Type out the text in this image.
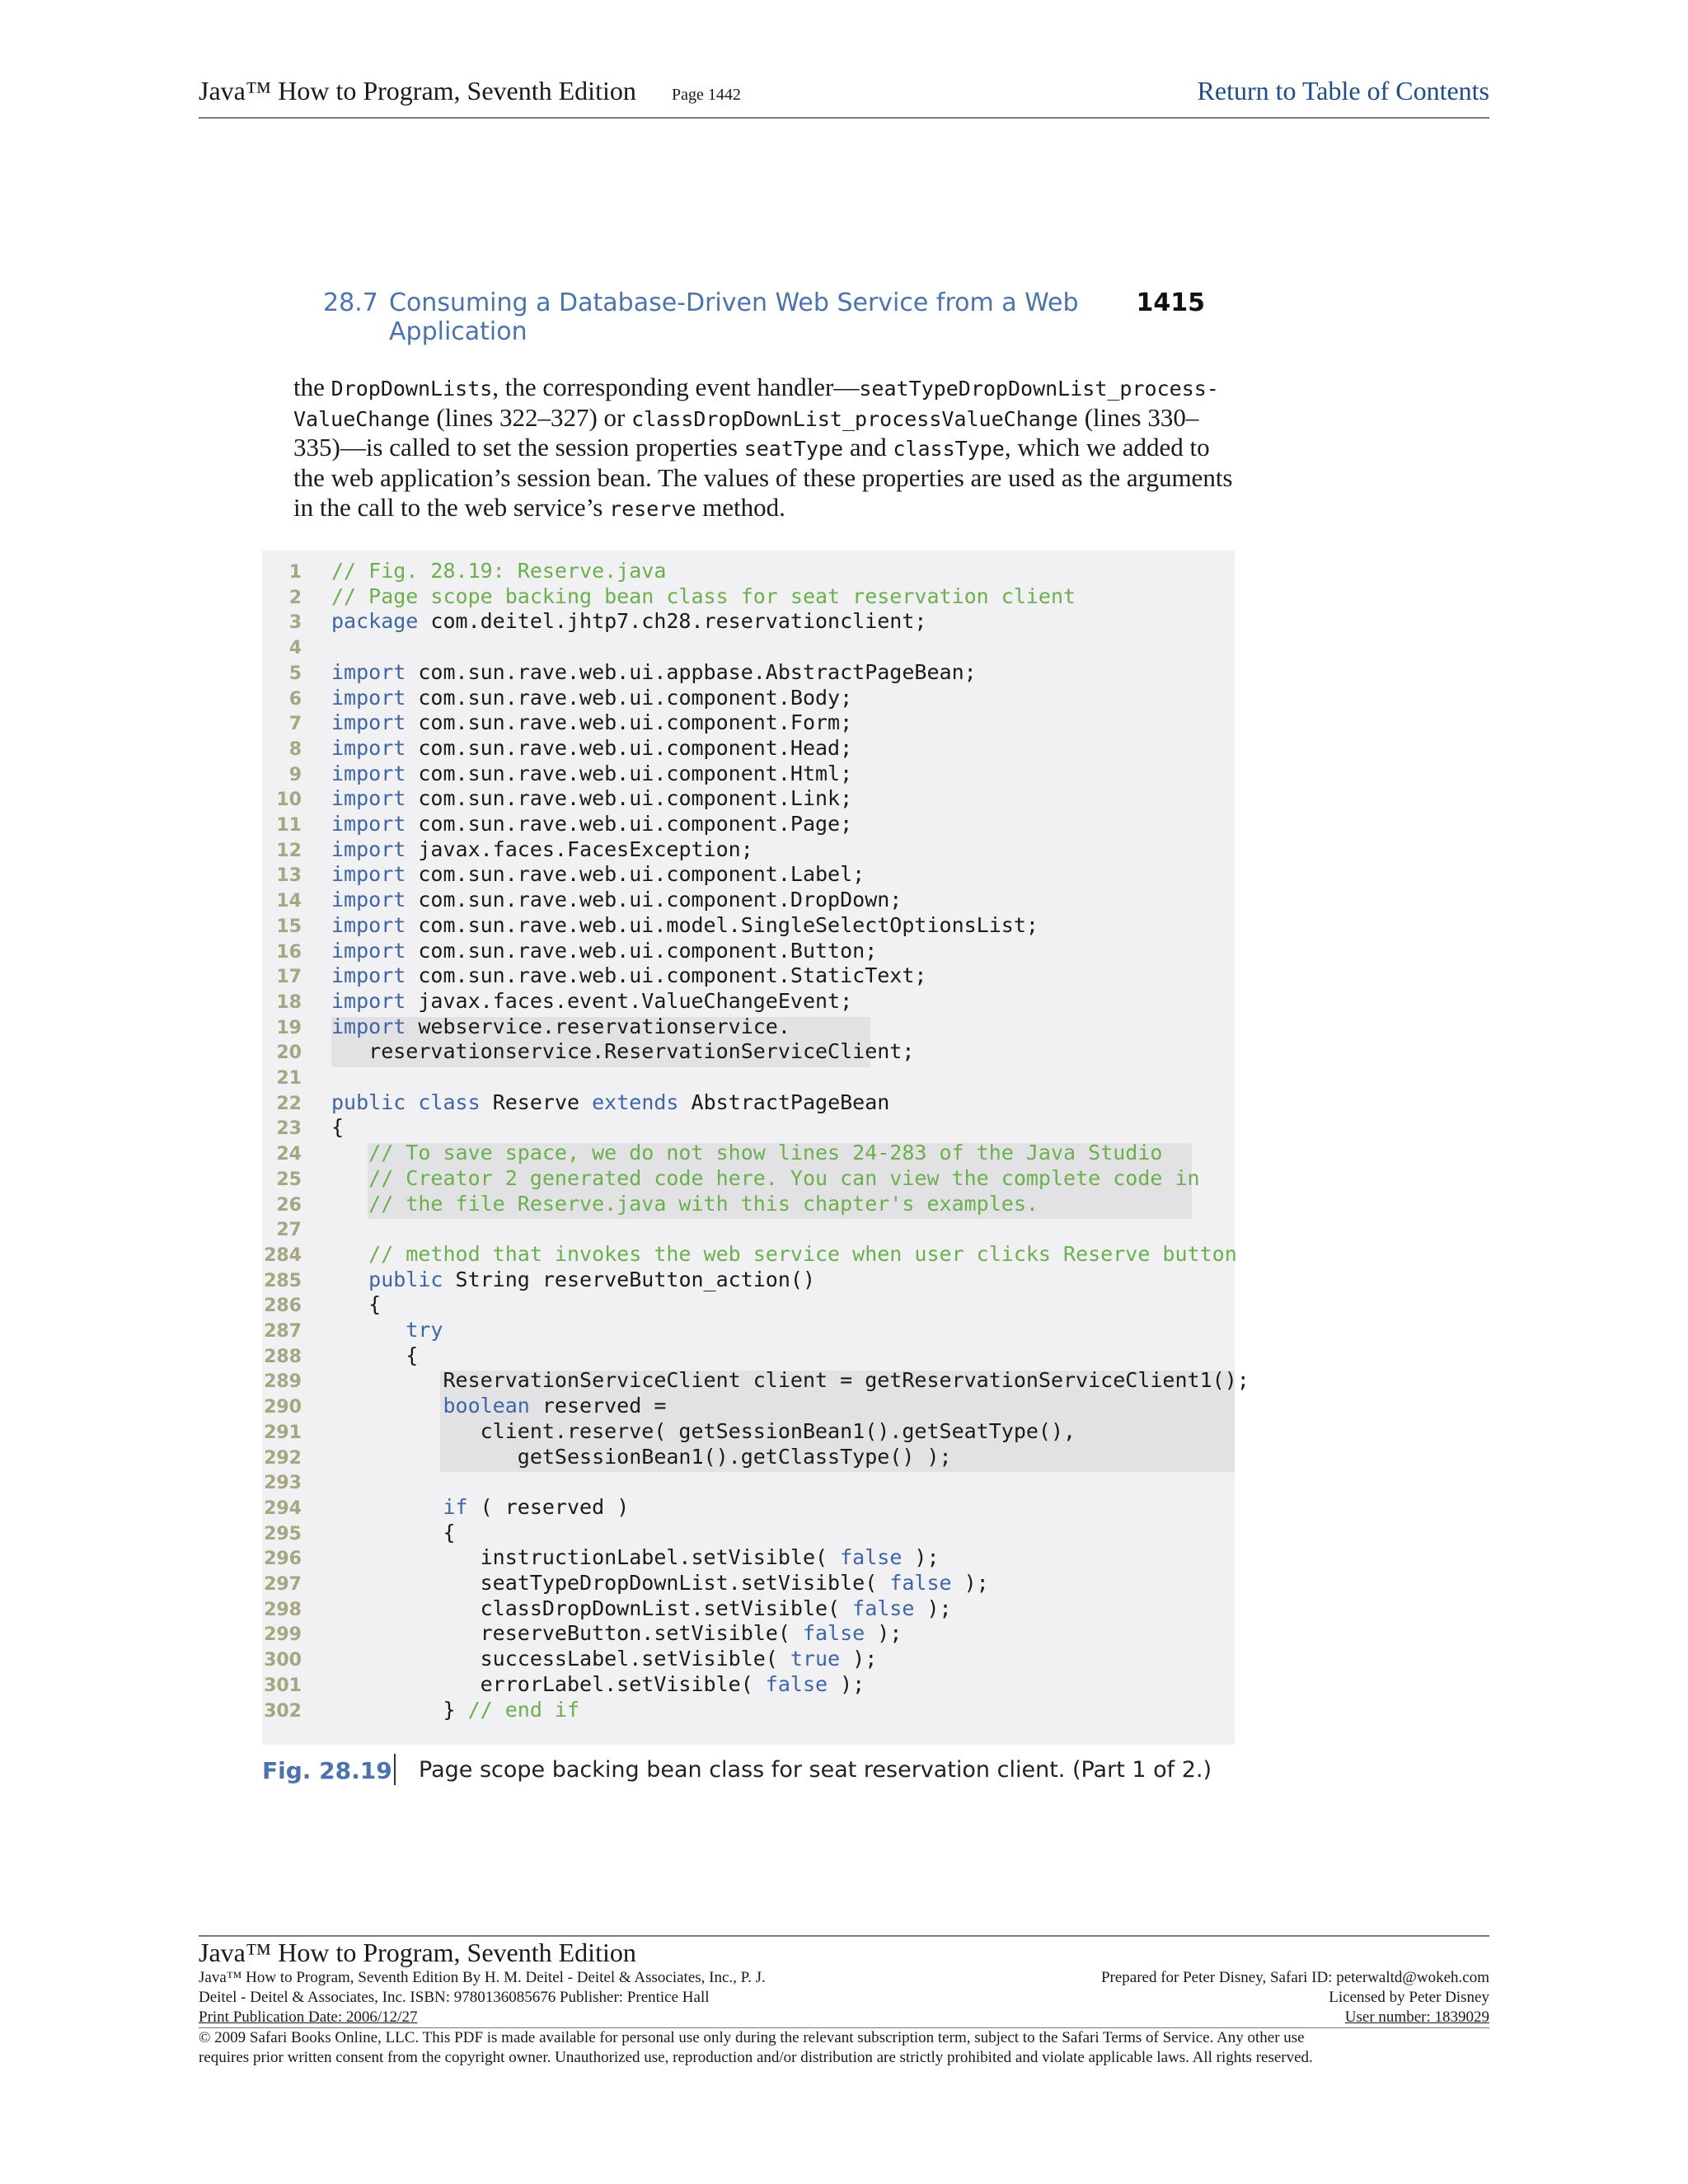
Java™ How to Program, Seventh Edition Page 1442	Return to Table of Contents
28.7 Consuming a Database-Driven Web Service from a Web Application
1415
the DropDownLists, the corresponding event handler—seatTypeDropDownList_process-
ValueChange (lines 322–327) or classDropDownList_processValueChange (lines 330–
335)—is called to set the session properties seatType and classType, which we added to
the web application’s session bean. The values of these properties are used as the arguments
in the call to the web service’s reserve method.
1 // Fig. 28.19: Reserve.java
2 // Page scope backing bean class for seat reservation client
3 package com.deitel.jhtp7.ch28.reservationclient;
4
5 import com.sun.rave.web.ui.appbase.AbstractPageBean;
6 import com.sun.rave.web.ui.component.Body;
7 import com.sun.rave.web.ui.component.Form;
8 import com.sun.rave.web.ui.component.Head;
9 import com.sun.rave.web.ui.component.Html;
10 import com.sun.rave.web.ui.component.Link;
11 import com.sun.rave.web.ui.component.Page;
12 import javax.faces.FacesException;
13 import com.sun.rave.web.ui.component.Label;
14 import com.sun.rave.web.ui.component.DropDown;
15 import com.sun.rave.web.ui.model.SingleSelectOptionsList;
16 import com.sun.rave.web.ui.component.Button;
17 import com.sun.rave.web.ui.component.StaticText;
18 import javax.faces.event.ValueChangeEvent;
19 import webservice.reservationservice.
20   reservationservice.ReservationServiceClient;
21
22 public class Reserve extends AbstractPageBean
23 {
24   // To save space, we do not show lines 24-283 of the Java Studio
25   // Creator 2 generated code here. You can view the complete code in
26   // the file Reserve.java with this chapter's examples.
27
284   // method that invokes the web service when user clicks Reserve button
285	public String reserveButton_action()
286   {
287	try
288      {
289         ReservationServiceClient client = getReservationServiceClient1();
290	boolean reserved =
291            client.reserve( getSessionBean1().getSeatType(),
292               getSessionBean1().getClassType() );
293
294	if ( reserved )
295         {
296            instructionLabel.setVisible( false );
297            seatTypeDropDownList.setVisible( false );
298            classDropDownList.setVisible( false );
299            reserveButton.setVisible( false );
300            successLabel.setVisible( true );
301            errorLabel.setVisible( false );
302         } // end if
Fig. 28.19 Page scope backing bean class for seat reservation client. (Part 1 of 2.)
Java™ How to Program, Seventh Edition
Java™ How to Program, Seventh Edition By H. M. Deitel - Deitel & Associates, Inc., P. J.	Prepared for Peter Disney, Safari ID: peterwaltd@wokeh.com
Deitel - Deitel & Associates, Inc. ISBN: 9780136085676 Publisher: Prentice Hall	Licensed by Peter Disney
Print Publication Date: 2006/12/27	User number: 1839029
© 2009 Safari Books Online, LLC. This PDF is made available for personal use only during the relevant subscription term, subject to the Safari Terms of Service. Any other use
requires prior written consent from the copyright owner. Unauthorized use, reproduction and/or distribution are strictly prohibited and violate applicable laws. All rights reserved.
